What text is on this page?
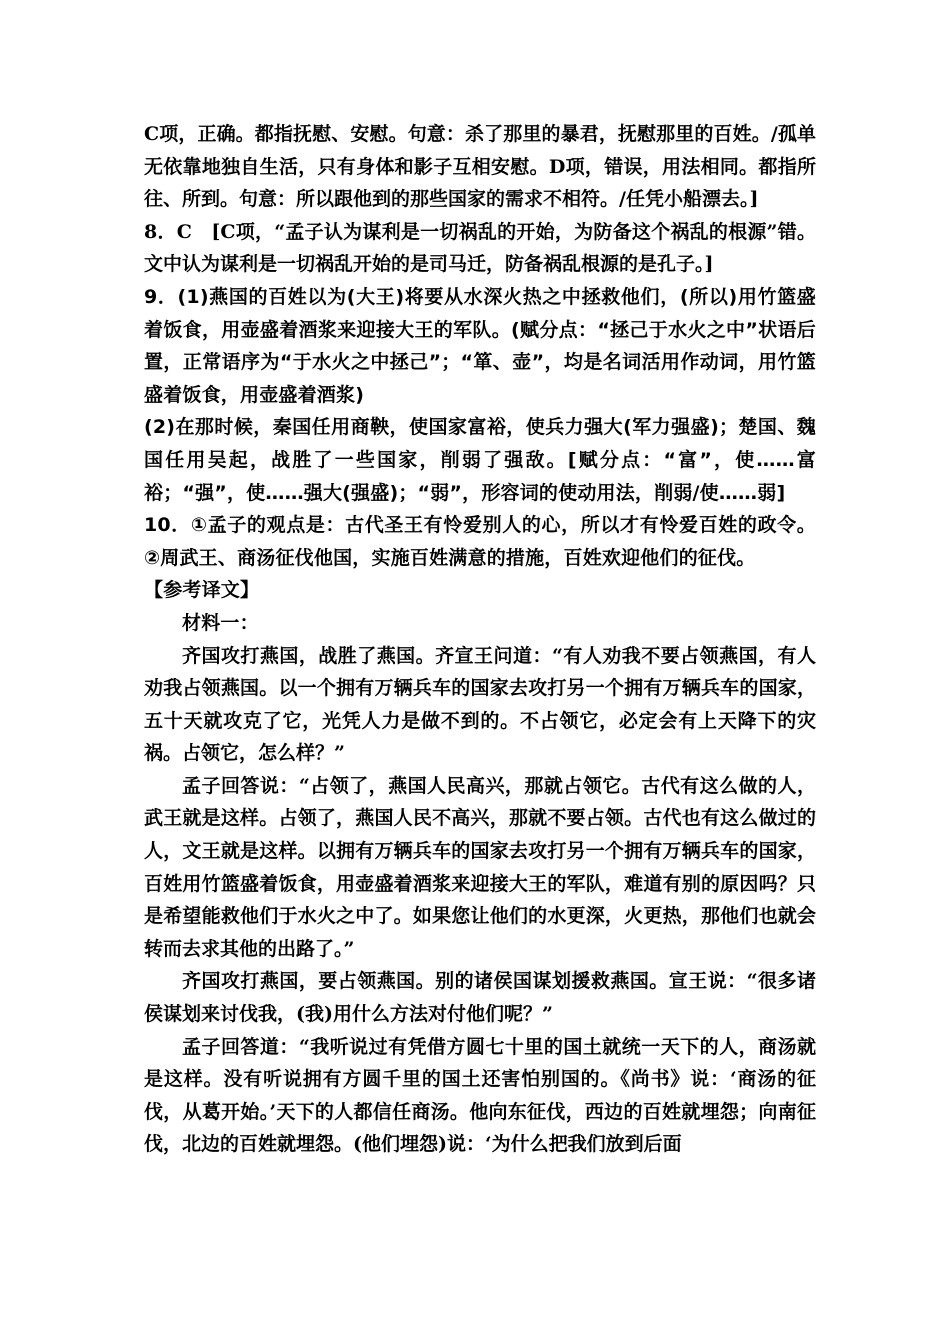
C项，正确。都指抚慰、安慰。句意：杀了那里的暴君，抚慰那里的百姓。/孤单无依靠地独自生活，只有身体和影子互相安慰。D项，错误，用法相同。都指所往、所到。句意：所以跟他到的那些国家的需求不相符。/任凭小船漂去。]

8．C　[C项，“孟子认为谋利是一切祸乱的开始，为防备这个祸乱的根源”错。文中认为谋利是一切祸乱开始的是司马迁，防备祸乱根源的是孔子。]

9．(1)燕国的百姓以为(大王)将要从水深火热之中拯救他们，(所以)用竹篮盛着饭食，用壶盛着酒浆来迎接大王的军队。(赋分点：“拯己于水火之中”状语后置，正常语序为“于水火之中拯己”；“箪、壶”，均是名词活用作动词，用竹篮盛着饭食，用壶盛着酒浆)

(2)在那时候，秦国任用商鞅，使国家富裕，使兵力强大(军力强盛)；楚国、魏国任用吴起，战胜了一些国家，削弱了强敌。[赋分点：“富”，使……富裕；“强”，使……强大(强盛)；“弱”，形容词的使动用法，削弱/使……弱]

10．①孟子的观点是：古代圣王有怜爱别人的心，所以才有怜爱百姓的政令。②周武王、商汤征伐他国，实施百姓满意的措施，百姓欢迎他们的征伐。

【参考译文】

材料一：

齐国攻打燕国，战胜了燕国。齐宣王问道：“有人劝我不要占领燕国，有人劝我占领燕国。以一个拥有万辆兵车的国家去攻打另一个拥有万辆兵车的国家，五十天就攻克了它，光凭人力是做不到的。不占领它，必定会有上天降下的灾祸。占领它，怎么样？”

孟子回答说：“占领了，燕国人民高兴，那就占领它。古代有这么做的人，武王就是这样。占领了，燕国人民不高兴，那就不要占领。古代也有这么做过的人，文王就是这样。以拥有万辆兵车的国家去攻打另一个拥有万辆兵车的国家，百姓用竹篮盛着饭食，用壶盛着酒浆来迎接大王的军队，难道有别的原因吗？只是希望能救他们于水火之中了。如果您让他们的水更深，火更热，那他们也就会转而去求其他的出路了。”

齐国攻打燕国，要占领燕国。别的诸侯国谋划援救燕国。宣王说：“很多诸侯谋划来讨伐我，(我)用什么方法对付他们呢？”

孟子回答道：“我听说过有凭借方圆七十里的国土就统一天下的人，商汤就是这样。没有听说拥有方圆千里的国土还害怕别国的。《尚书》说：‘商汤的征伐，从葛开始。’天下的人都信任商汤。他向东征伐，西边的百姓就埋怨；向南征伐，北边的百姓就埋怨。(他们埋怨)说：‘为什么把我们放到后面
